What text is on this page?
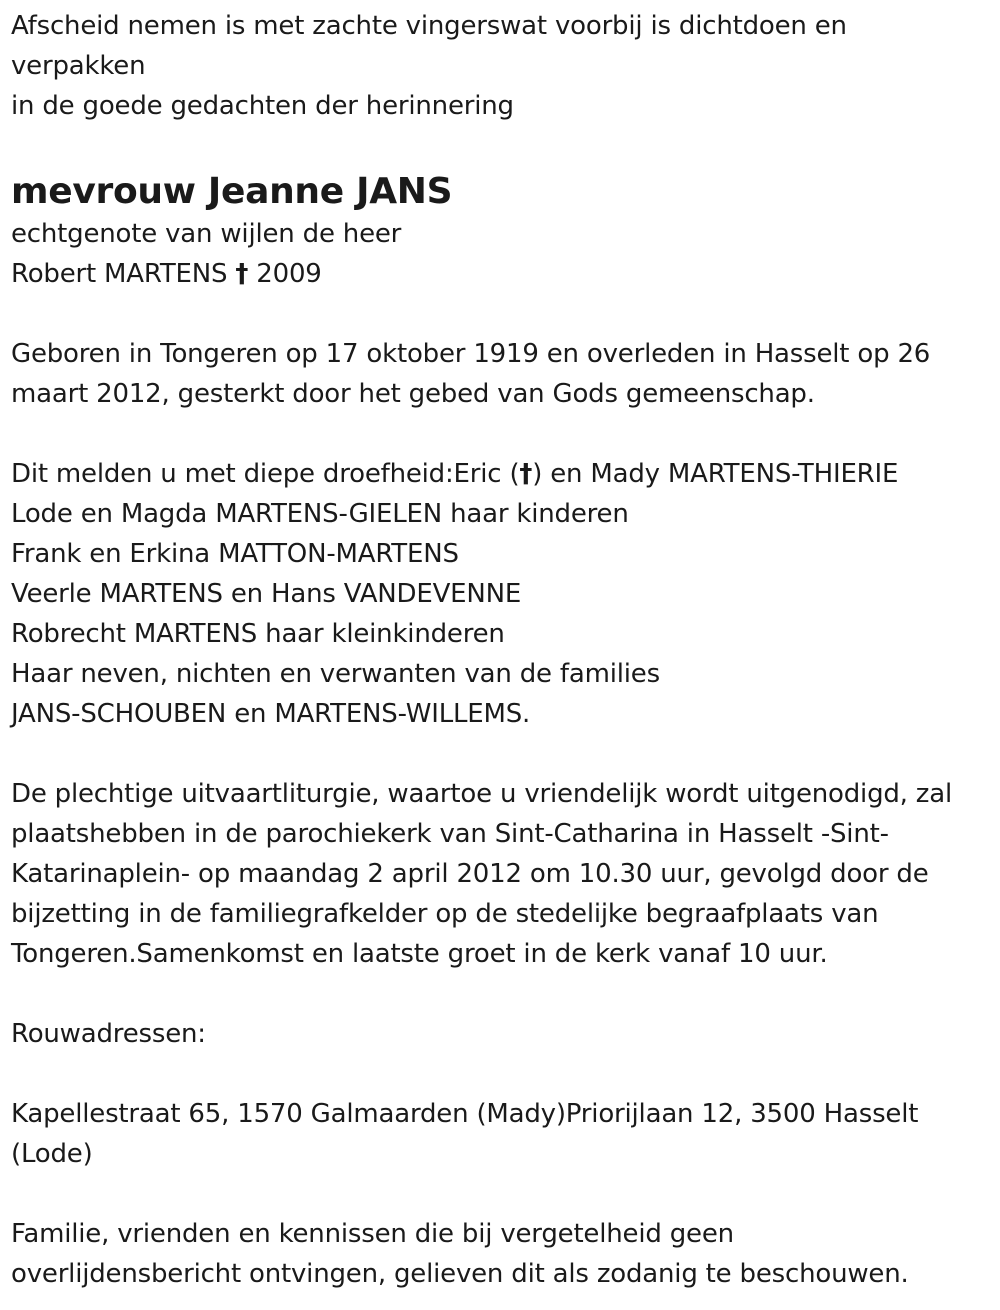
Afscheid nemen is met zachte vingerswat voorbij is dichtdoen en
verpakken
in de goede gedachten der herinnering
mevrouw Jeanne JANS
echtgenote van wijlen de heer
Robert MARTENS † 2009
Geboren in Tongeren op 17 oktober 1919 en overleden in Hasselt op 26
maart 2012, gesterkt door het gebed van Gods gemeenschap.
Dit melden u met diepe droefheid:Eric (†) en Mady MARTENS-THIERIE
Lode en Magda MARTENS-GIELEN haar kinderen
Frank en Erkina MATTON-MARTENS
Veerle MARTENS en Hans VANDEVENNE
Robrecht MARTENS haar kleinkinderen
Haar neven, nichten en verwanten van de families
JANS-SCHOUBEN en MARTENS-WILLEMS.
De plechtige uitvaartliturgie, waartoe u vriendelijk wordt uitgenodigd, zal
plaatshebben in de parochiekerk van Sint-Catharina in Hasselt -Sint-
Katarinaplein- op maandag 2 april 2012 om 10.30 uur, gevolgd door de
bijzetting in de familiegrafkelder op de stedelijke begraafplaats van
Tongeren.Samenkomst en laatste groet in de kerk vanaf 10 uur.
Rouwadressen:
Kapellestraat 65, 1570 Galmaarden (Mady)Priorijlaan 12, 3500 Hasselt
(Lode)
Familie, vrienden en kennissen die bij vergetelheid geen
overlijdensbericht ontvingen, gelieven dit als zodanig te beschouwen.
